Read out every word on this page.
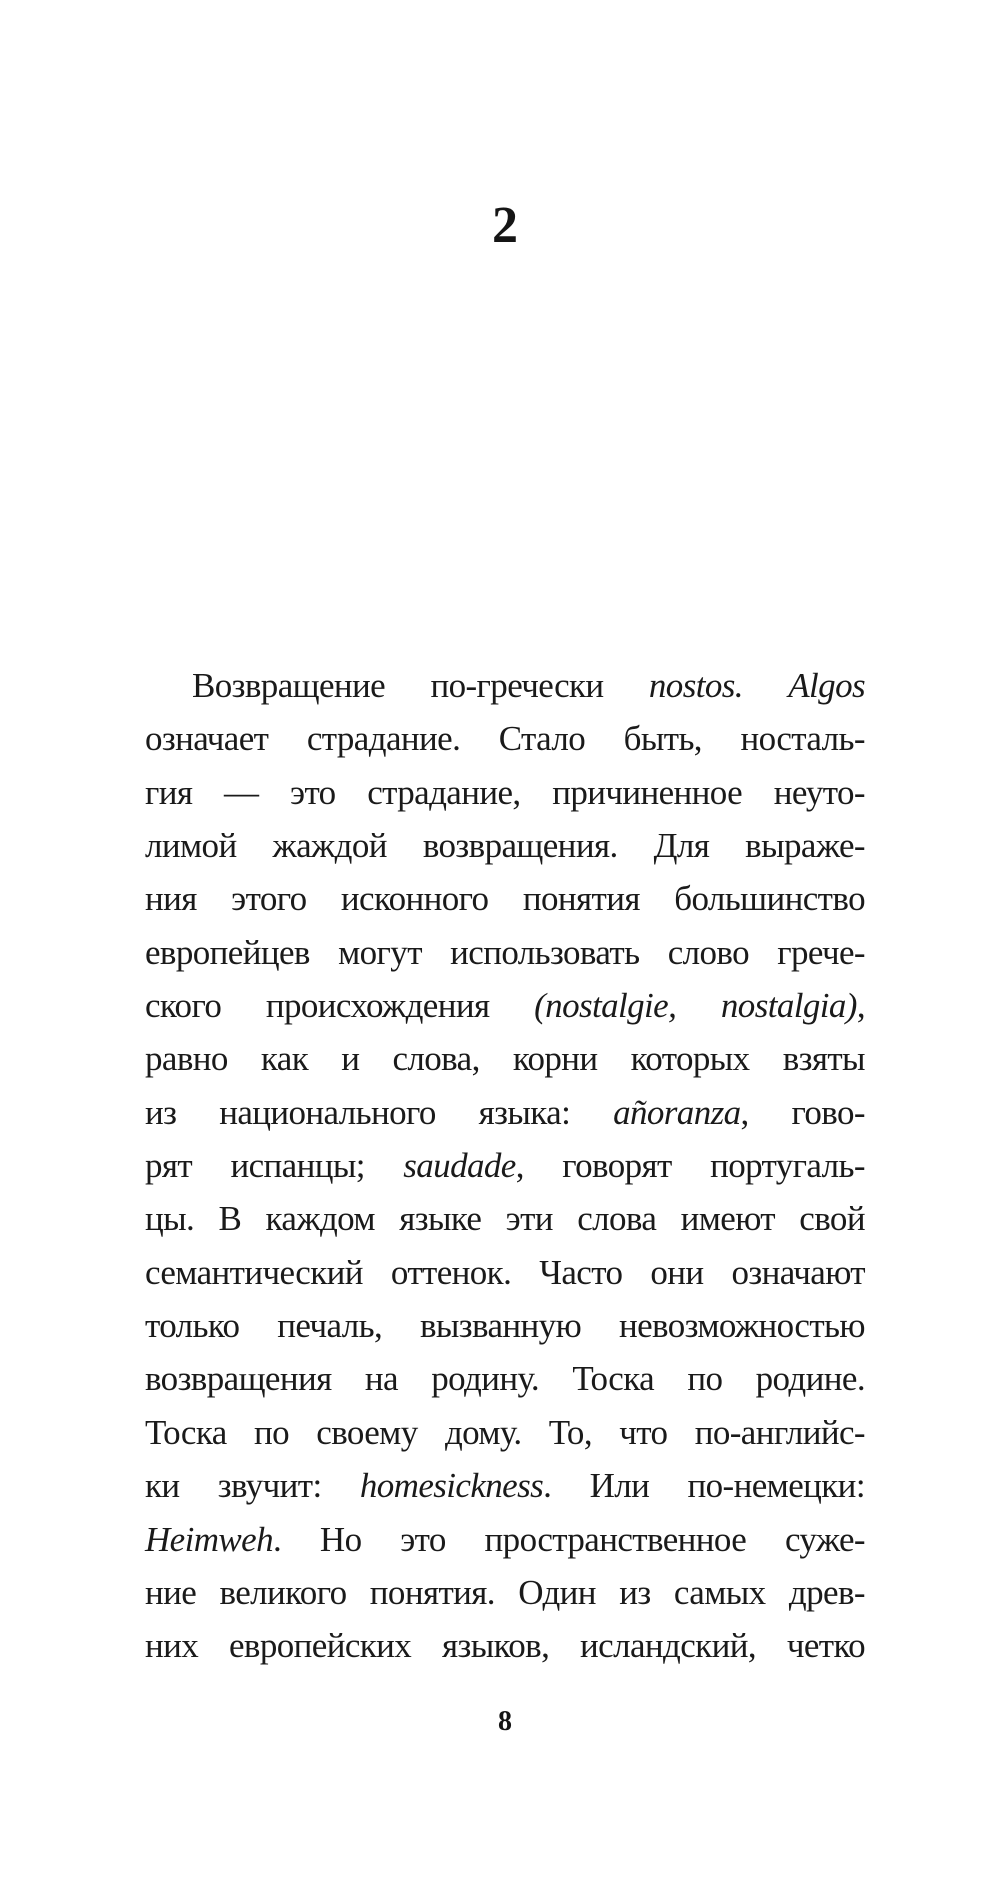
2
Возвращение по-гречески nostos. Algos
означает страдание. Стало быть, носталь-
гия — это страдание, причиненное неуто-
лимой жаждой возвращения. Для выраже-
ния этого исконного понятия большинство
европейцев могут использовать слово грече-
ского происхождения (nostalgie, nostalgia),
равно как и слова, корни которых взяты
из национального языка: añoranza, гово-
рят испанцы; saudade, говорят португаль-
цы. В каждом языке эти слова имеют свой
семантический оттенок. Часто они означают
только печаль, вызванную невозможностью
возвращения на родину. Тоска по родине.
Тоска по своему дому. То, что по-английс-
ки звучит: homesickness. Или по-немецки:
Heimweh. Но это пространственное суже-
ние великого понятия. Один из самых древ-
них европейских языков, исландский, четко
8
